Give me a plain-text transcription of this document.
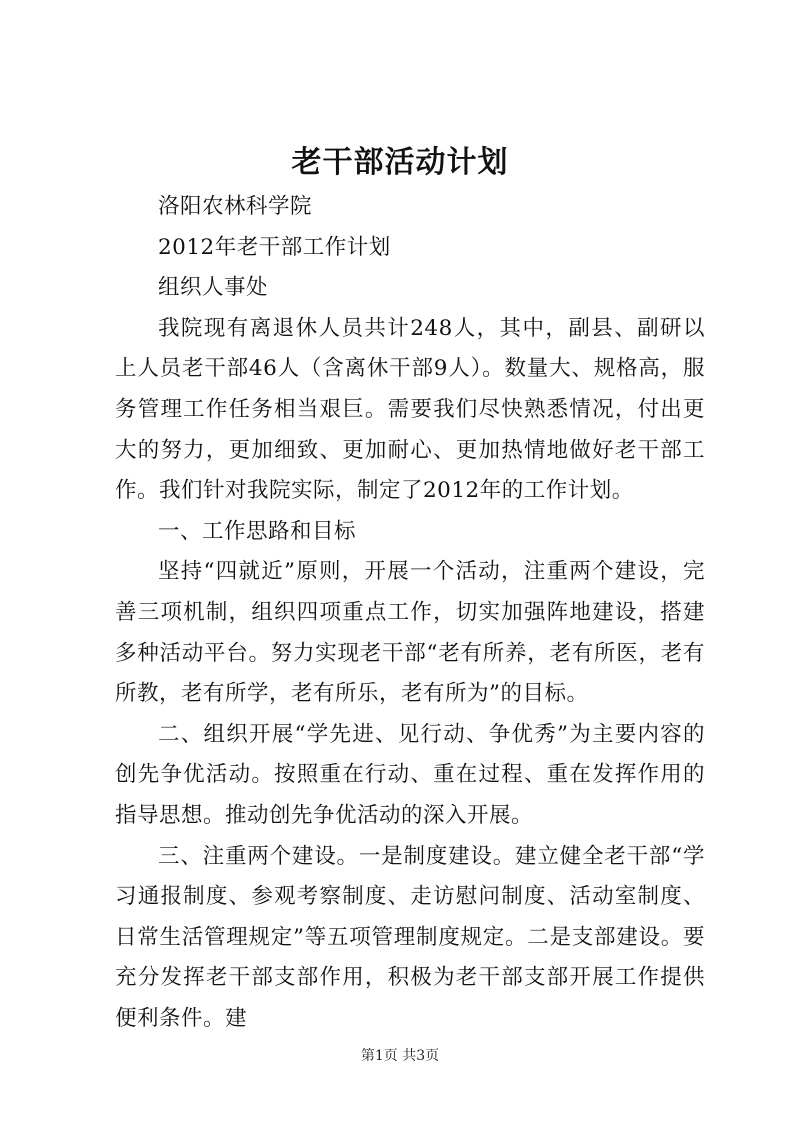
老干部活动计划

洛阳农林科学院

2012年老干部工作计划

组织人事处

我院现有离退休人员共计248人，其中，副县、副研以上人员老干部46人（含离休干部9人）。数量大、规格高，服务管理工作任务相当艰巨。需要我们尽快熟悉情况，付出更大的努力，更加细致、更加耐心、更加热情地做好老干部工作。我们针对我院实际，制定了2012年的工作计划。

一、工作思路和目标

坚持“四就近”原则，开展一个活动，注重两个建设，完善三项机制，组织四项重点工作，切实加强阵地建设，搭建多种活动平台。努力实现老干部“老有所养，老有所医，老有所教，老有所学，老有所乐，老有所为”的目标。

二、组织开展“学先进、见行动、争优秀”为主要内容的创先争优活动。按照重在行动、重在过程、重在发挥作用的指导思想。推动创先争优活动的深入开展。

三、注重两个建设。一是制度建设。建立健全老干部“学习通报制度、参观考察制度、走访慰问制度、活动室制度、日常生活管理规定”等五项管理制度规定。二是支部建设。要充分发挥老干部支部作用，积极为老干部支部开展工作提供便利条件。建

第1页 共3页
